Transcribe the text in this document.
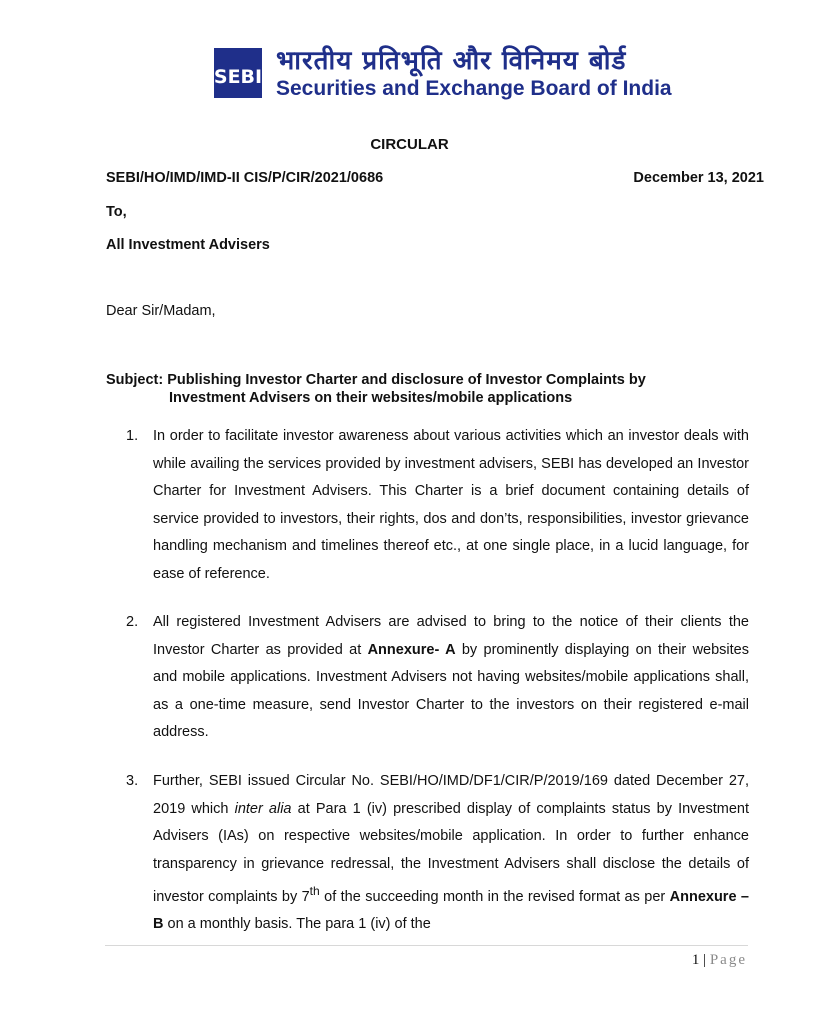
SEBI
भारतीय प्रतिभूति और विनिमय बोर्ड
Securities and Exchange Board of India
CIRCULAR
SEBI/HO/IMD/IMD-II CIS/P/CIR/2021/0686	December 13, 2021
To,
All Investment Advisers
Dear Sir/Madam,
Subject: Publishing Investor Charter and disclosure of Investor Complaints by
Investment Advisers on their websites/mobile applications
1. In order to facilitate investor awareness about various activities which an investor deals with while availing the services provided by investment advisers, SEBI has developed an Investor Charter for Investment Advisers. This Charter is a brief document containing details of service provided to investors, their rights, dos and don’ts, responsibilities, investor grievance handling mechanism and timelines thereof etc., at one single place, in a lucid language, for ease of reference.
2. All registered Investment Advisers are advised to bring to the notice of their clients the Investor Charter as provided at Annexure- A by prominently displaying on their websites and mobile applications. Investment Advisers not having websites/mobile applications shall, as a one-time measure, send Investor Charter to the investors on their registered e-mail address.
3. Further, SEBI issued Circular No. SEBI/HO/IMD/DF1/CIR/P/2019/169 dated December 27, 2019 which inter alia at Para 1 (iv) prescribed display of complaints status by Investment Advisers (IAs) on respective websites/mobile application. In order to further enhance transparency in grievance redressal, the Investment Advisers shall disclose the details of investor complaints by 7th of the succeeding month in the revised format as per Annexure –B on a monthly basis. The para 1 (iv) of the
1 | Page
